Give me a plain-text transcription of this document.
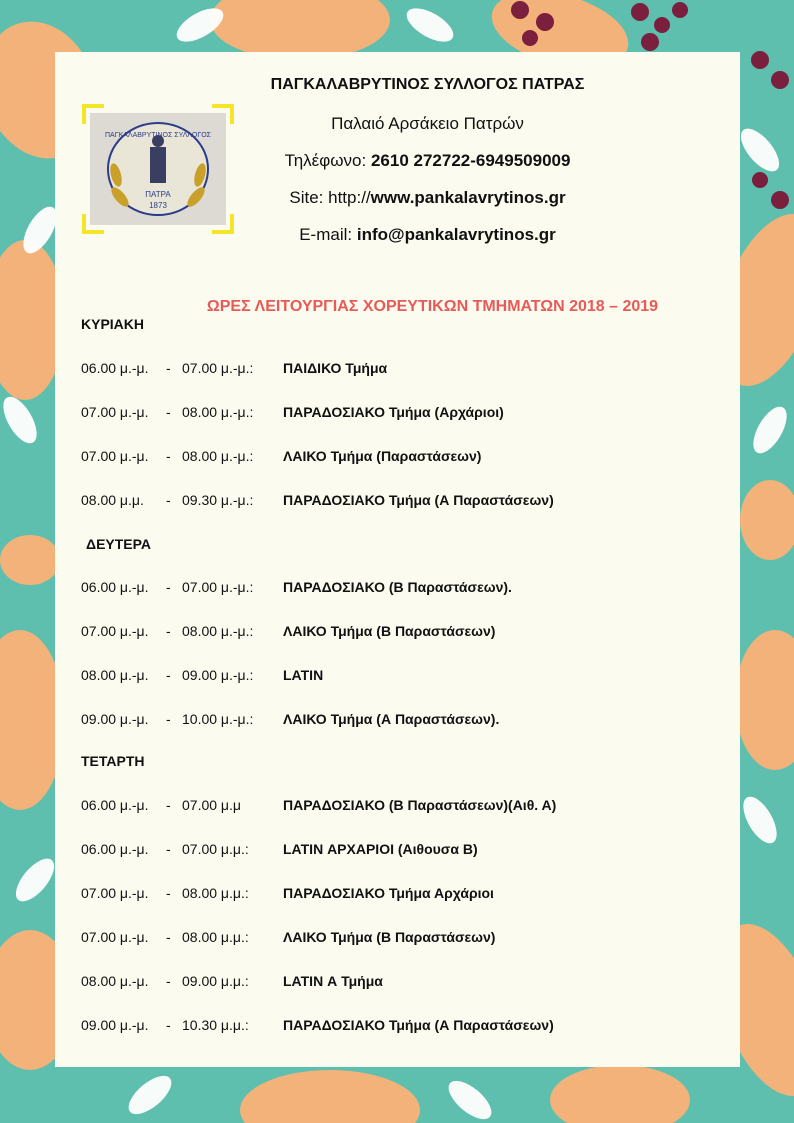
ΠΑΓΚΑΛΑΒΡΥΤΙΝΟΣ ΣΥΛΛΟΓΟΣ
ΠΑΤΡΑ
1873
ΠΑΓΚΑΛΑΒΡΥΤΙΝΟΣ ΣΥΛΛΟΓΟΣ ΠΑΤΡΑΣ
Παλαιό Αρσάκειο Πατρών
Τηλέφωνο: 2610 272722-6949509009
Site: http://www.pankalavrytinos.gr
E-mail: info@pankalavrytinos.gr
ΩΡΕΣ ΛΕΙΤΟΥΡΓΙΑΣ ΧΟΡΕΥΤΙΚΩΝ ΤΜΗΜΑΤΩΝ 2018 – 2019
ΚΥΡΙΑΚΗ
06.00 μ.-μ. - 07.00 μ.-μ.: ΠΑΙΔΙΚΟ Τμήμα
07.00 μ.-μ. - 08.00 μ.-μ.: ΠΑΡΑΔΟΣΙΑΚΟ Τμήμα (Αρχάριοι)
07.00 μ.-μ. - 08.00 μ.-μ.: ΛΑΙΚΟ Τμήμα (Παραστάσεων)
08.00 μ.μ. - 09.30 μ.-μ.: ΠΑΡΑΔΟΣΙΑΚΟ Τμήμα (Α Παραστάσεων)
ΔΕΥΤΕΡΑ
06.00 μ.-μ. - 07.00 μ.-μ.: ΠΑΡΑΔΟΣΙΑΚΟ (Β Παραστάσεων).
07.00 μ.-μ. - 08.00 μ.-μ.: ΛΑΙΚΟ Τμήμα (Β Παραστάσεων)
08.00 μ.-μ. - 09.00 μ.-μ.: LATIN
09.00 μ.-μ. - 10.00 μ.-μ.: ΛΑΙΚΟ Τμήμα (Α Παραστάσεων).
ΤΕΤΑΡΤΗ
06.00 μ.-μ. - 07.00 μ.μ	ΠΑΡΑΔΟΣΙΑΚΟ (Β Παραστάσεων)(Αιθ. Α)
06.00 μ.-μ. - 07.00 μ.μ.: LATIN ΑΡΧΑΡΙΟΙ (Αιθουσα Β)
07.00 μ.-μ. - 08.00 μ.μ.: ΠΑΡΑΔΟΣΙΑΚΟ Τμήμα Αρχάριοι
07.00 μ.-μ. - 08.00 μ.μ.: ΛΑΙΚΟ Τμήμα (Β Παραστάσεων)
08.00 μ.-μ. - 09.00 μ.μ.: LATIN Α Τμήμα
09.00 μ.-μ. - 10.30 μ.μ.: ΠΑΡΑΔΟΣΙΑΚΟ Τμήμα (Α Παραστάσεων)
